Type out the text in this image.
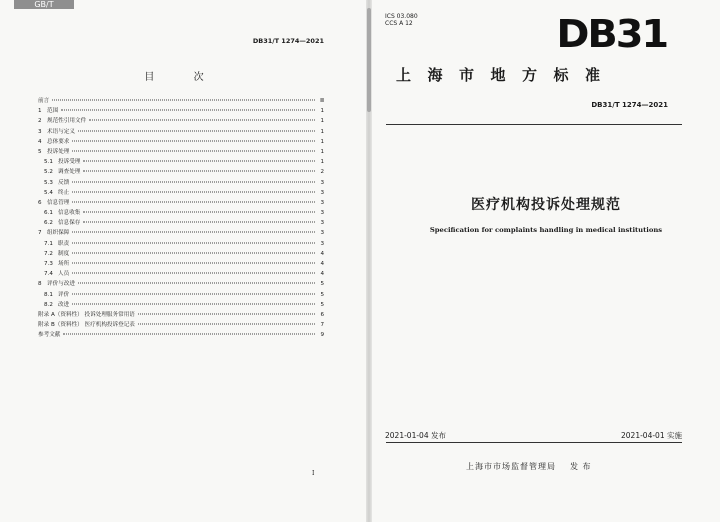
DB31/T 1274—2021
目 次
前言	Ⅲ
1 范围	1
2 规范性引用文件	1
3 术语与定义	1
4 总体要求	1
5 投诉处理	1
5.1 投诉受理	1
5.2 调查处理	2
5.3 反馈	3
5.4 终止	3
6 信息管理	3
6.1 信息收集	3
6.2 信息保存	3
7 组织保障	3
7.1 职责	3
7.2 制度	4
7.3 场所	4
7.4 人员	4
8 评价与改进	5
8.1 评价	5
8.2 改进	5
附录 A（资料性） 投诉处理服务常用语	6
附录 B（资料性） 医疗机构投诉登记表	7
参考文献	9
I
GB/T
ICS 03.080
CCS A 12	DB31
上海市地方标准
DB31/T 1274—2021
医疗机构投诉处理规范
Specification for complaints handling in medical institutions
2021-01-04 发布	2021-04-01 实施
上海市市场监督管理局 发 布
